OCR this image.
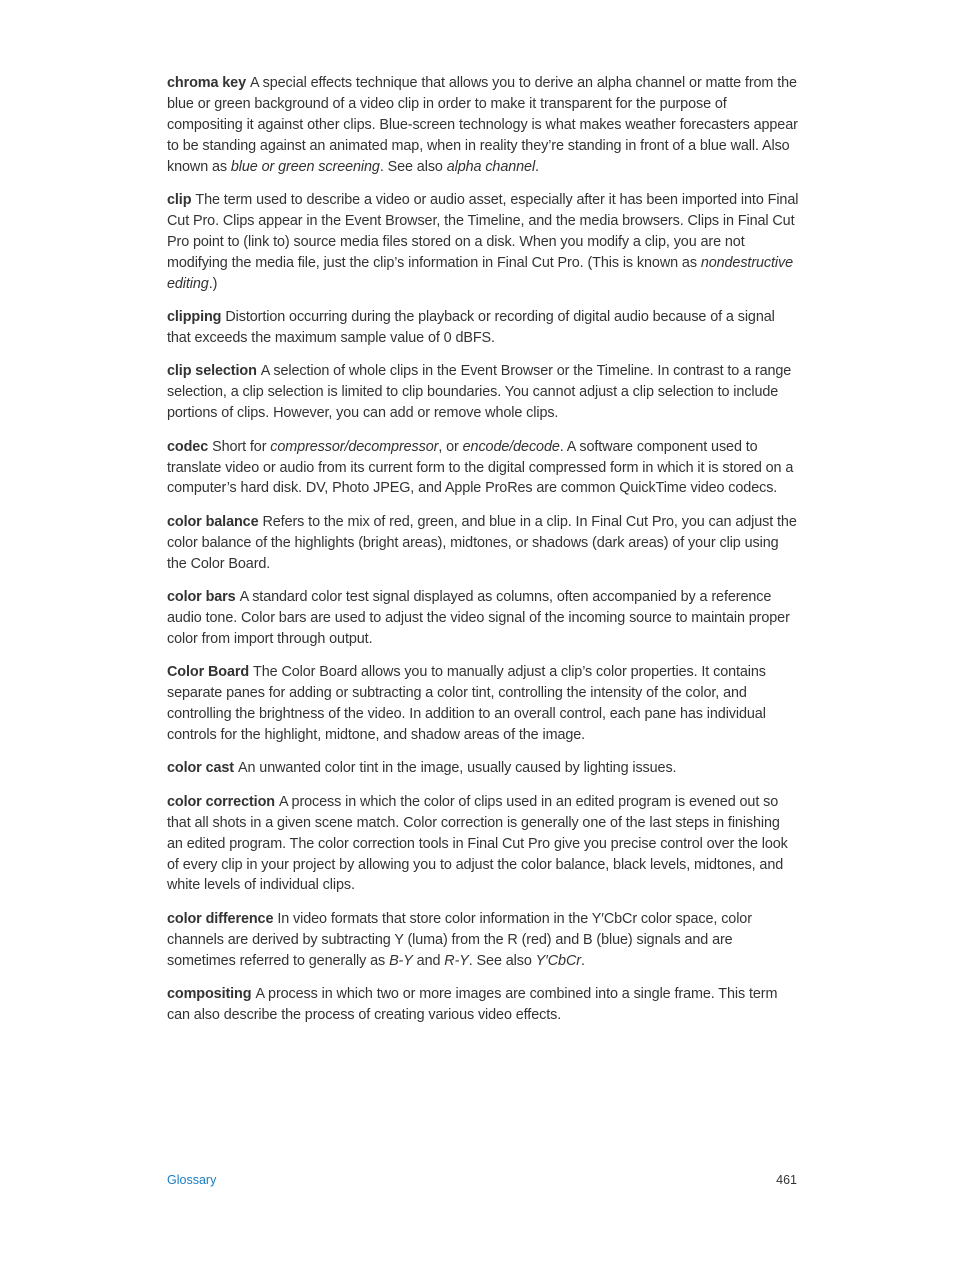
chroma key A special effects technique that allows you to derive an alpha channel or matte from the blue or green background of a video clip in order to make it transparent for the purpose of compositing it against other clips. Blue-screen technology is what makes weather forecasters appear to be standing against an animated map, when in reality they’re standing in front of a blue wall. Also known as blue or green screening. See also alpha channel.

clip The term used to describe a video or audio asset, especially after it has been imported into Final Cut Pro. Clips appear in the Event Browser, the Timeline, and the media browsers. Clips in Final Cut Pro point to (link to) source media files stored on a disk. When you modify a clip, you are not modifying the media file, just the clip’s information in Final Cut Pro. (This is known as nondestructive editing.)

clipping Distortion occurring during the playback or recording of digital audio because of a signal that exceeds the maximum sample value of 0 dBFS.

clip selection A selection of whole clips in the Event Browser or the Timeline. In contrast to a range selection, a clip selection is limited to clip boundaries. You cannot adjust a clip selection to include portions of clips. However, you can add or remove whole clips.

codec Short for compressor/decompressor, or encode/decode. A software component used to translate video or audio from its current form to the digital compressed form in which it is stored on a computer’s hard disk. DV, Photo JPEG, and Apple ProRes are common QuickTime video codecs.

color balance Refers to the mix of red, green, and blue in a clip. In Final Cut Pro, you can adjust the color balance of the highlights (bright areas), midtones, or shadows (dark areas) of your clip using the Color Board.

color bars A standard color test signal displayed as columns, often accompanied by a reference audio tone. Color bars are used to adjust the video signal of the incoming source to maintain proper color from import through output.

Color Board The Color Board allows you to manually adjust a clip’s color properties. It contains separate panes for adding or subtracting a color tint, controlling the intensity of the color, and controlling the brightness of the video. In addition to an overall control, each pane has individual controls for the highlight, midtone, and shadow areas of the image.

color cast An unwanted color tint in the image, usually caused by lighting issues.

color correction A process in which the color of clips used in an edited program is evened out so that all shots in a given scene match. Color correction is generally one of the last steps in finishing an edited program. The color correction tools in Final Cut Pro give you precise control over the look of every clip in your project by allowing you to adjust the color balance, black levels, midtones, and white levels of individual clips.

color difference In video formats that store color information in the Y′CbCr color space, color channels are derived by subtracting Y (luma) from the R (red) and B (blue) signals and are sometimes referred to generally as B-Y and R-Y. See also Y′CbCr.

compositing A process in which two or more images are combined into a single frame. This term can also describe the process of creating various video effects.

Glossary	461
